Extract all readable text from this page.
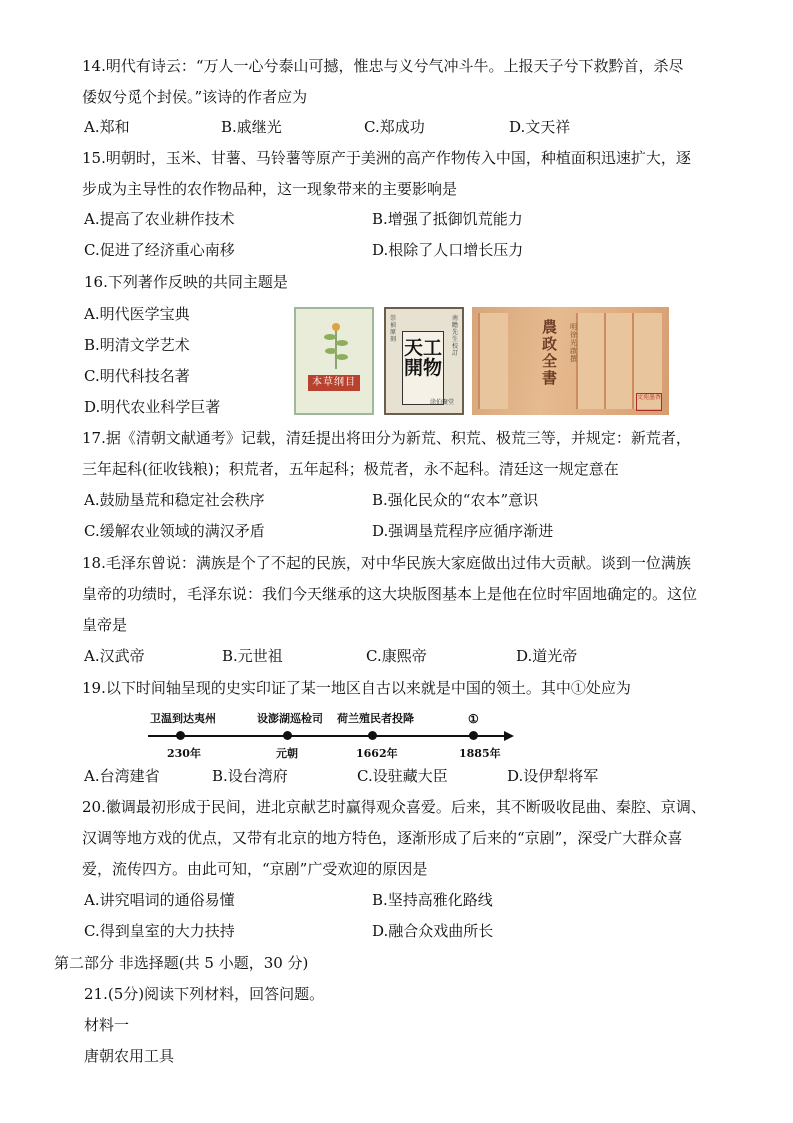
14.明代有诗云：“万人一心兮泰山可撼，惟忠与义兮气冲斗牛。上报天子兮下救黔首，杀尽
倭奴兮觅个封侯。”该诗的作者应为
A.郑和	B.戚继光	C.郑成功	D.文天祥
15.明朝时，玉米、甘薯、马铃薯等原产于美洲的高产作物传入中国，种植面积迅速扩大，逐
步成为主导性的农作物品种，这一现象带来的主要影响是
A.提高了农业耕作技术	B.增强了抵御饥荒能力
C.促进了经济重心南移	D.根除了人口增长压力
16.下列著作反映的共同主题是
A.明代医学宝典
B.明清文学艺术
C.明代科技名著
D.明代农业科学巨著
本草纲目
崇禎原刻
南瞻先生校訂
天工開物
涂伯聚堂
農政全書
明徐光啟撰
文苑墨香
17.据《清朝文献通考》记载，清廷提出将田分为新荒、积荒、极荒三等，并规定：新荒者，
三年起科(征收钱粮)；积荒者，五年起科；极荒者，永不起科。清廷这一规定意在
A.鼓励垦荒和稳定社会秩序	B.强化民众的“农本”意识
C.缓解农业领域的满汉矛盾	D.强调垦荒程序应循序渐进
18.毛泽东曾说：满族是个了不起的民族，对中华民族大家庭做出过伟大贡献。谈到一位满族
皇帝的功绩时，毛泽东说：我们今天继承的这大块版图基本上是他在位时牢固地确定的。这位
皇帝是
A.汉武帝	B.元世祖	C.康熙帝	D.道光帝
19.以下时间轴呈现的史实印证了某一地区自古以来就是中国的领土。其中①处应为
卫温到达夷州	设澎湖巡检司 荷兰殖民者投降	①
230年	元朝	1662年	1885年
A.台湾建省	B.设台湾府	C.设驻藏大臣	D.设伊犁将军
20.徽调最初形成于民间，进北京献艺时赢得观众喜爱。后来，其不断吸收昆曲、秦腔、京调、
汉调等地方戏的优点，又带有北京的地方特色，逐渐形成了后来的“京剧”，深受广大群众喜
爱，流传四方。由此可知，“京剧”广受欢迎的原因是
A.讲究唱词的通俗易懂	B.坚持高雅化路线
C.得到皇室的大力扶持	D.融合众戏曲所长
第二部分 非选择题(共 5 小题，30 分)
21.(5分)阅读下列材料，回答问题。
材料一
唐朝农用工具
